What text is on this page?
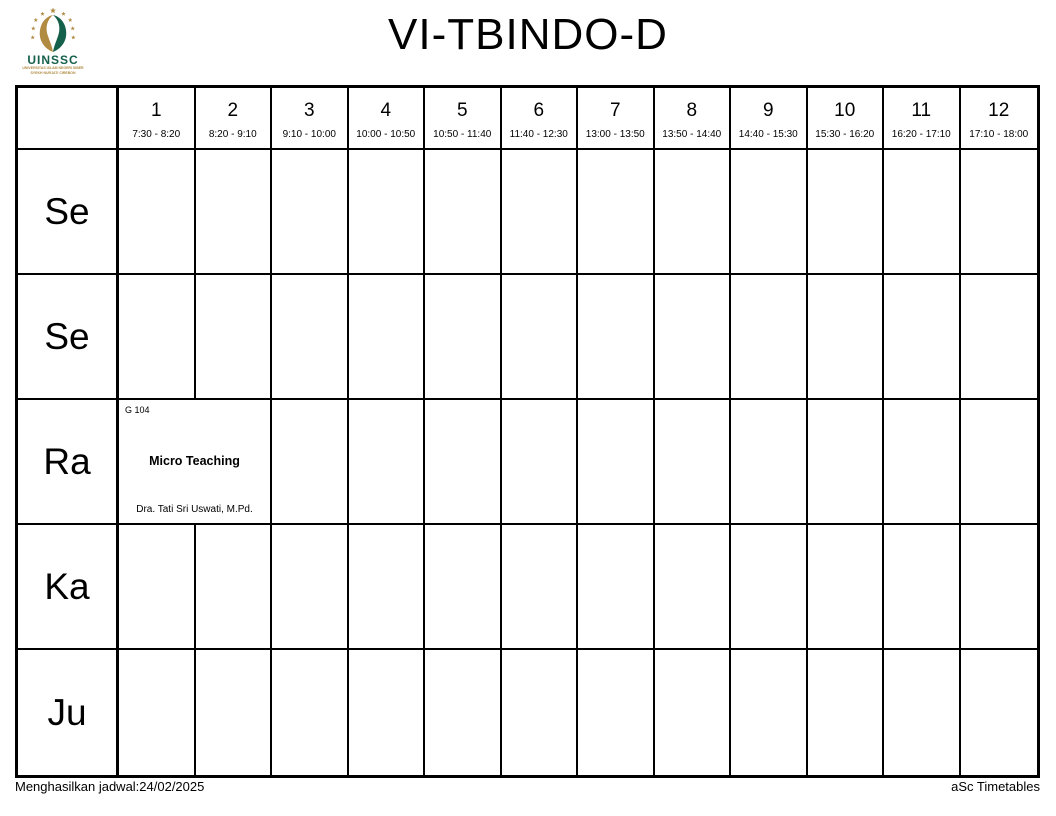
UINSSC
UNIVERSITAS ISLAM NEGERI SIBER
SYEKH NURJATI CIREBON
VI-TBINDO-D
1
7:30 - 8:20
2
8:20 - 9:10
3
9:10 - 10:00
4
10:00 - 10:50
5
10:50 - 11:40
6
11:40 - 12:30
7
13:00 - 13:50
8
13:50 - 14:40
9
14:40 - 15:30
10
15:30 - 16:20
11
16:20 - 17:10
12
17:10 - 18:00
Se
Se
Ra
G 104
Micro Teaching
Dra. Tati Sri Uswati, M.Pd.
Ka
Ju
Menghasilkan jadwal:24/02/2025	aSc Timetables
